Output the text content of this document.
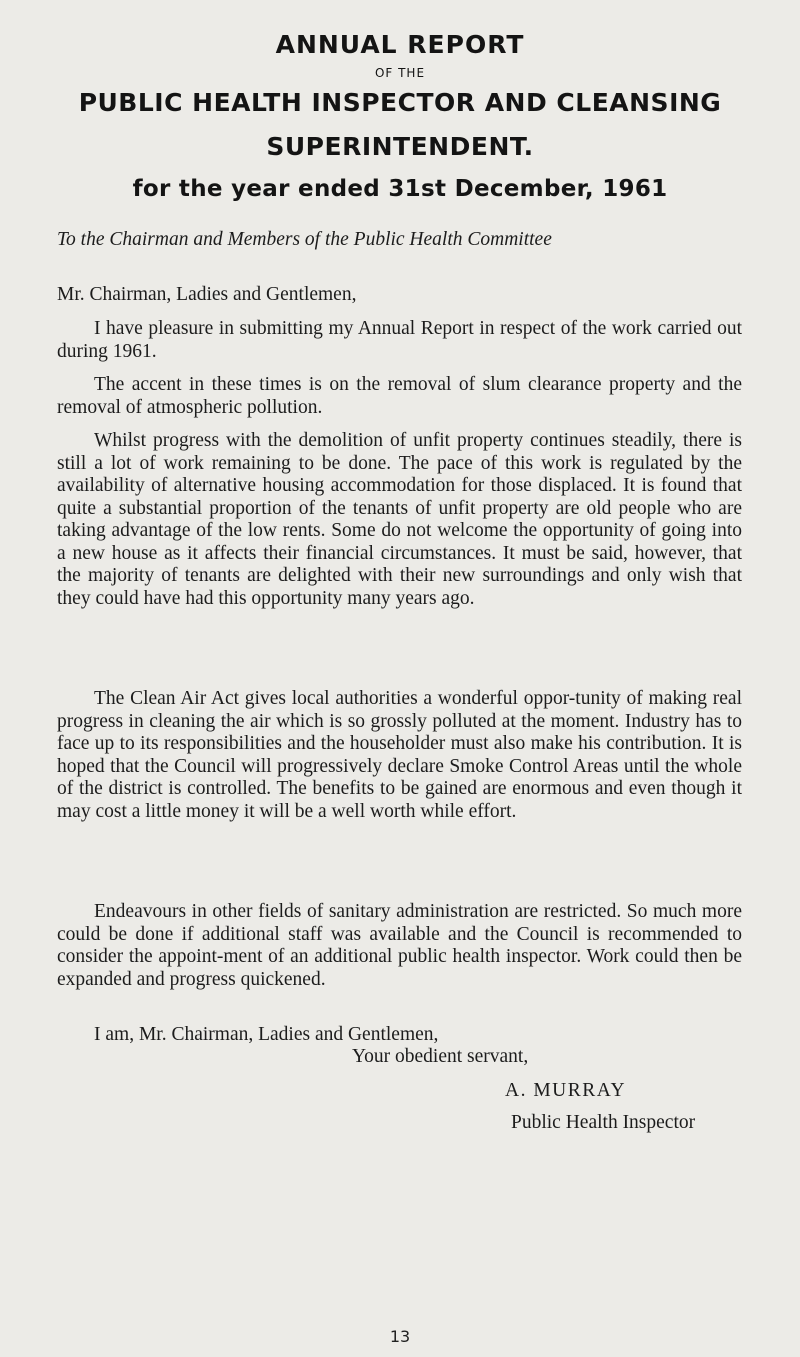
ANNUAL REPORT
OF THE
PUBLIC HEALTH INSPECTOR AND CLEANSING
SUPERINTENDENT.
for the year ended 31st December, 1961

To the Chairman and Members of the Public Health Committee

Mr. Chairman, Ladies and Gentlemen,

I have pleasure in submitting my Annual Report in respect of the work carried out during 1961.

The accent in these times is on the removal of slum clearance property and the removal of atmospheric pollution.

Whilst progress with the demolition of unfit property continues steadily, there is still a lot of work remaining to be done. The pace of this work is regulated by the availability of alternative housing accommodation for those displaced. It is found that quite a substantial proportion of the tenants of unfit property are old people who are taking advantage of the low rents. Some do not welcome the opportunity of going into a new house as it affects their financial circumstances. It must be said, however, that the majority of tenants are delighted with their new surroundings and only wish that they could have had this opportunity many years ago.

The Clean Air Act gives local authorities a wonderful oppor-tunity of making real progress in cleaning the air which is so grossly polluted at the moment. Industry has to face up to its responsibilities and the householder must also make his contribution. It is hoped that the Council will progressively declare Smoke Control Areas until the whole of the district is controlled. The benefits to be gained are enormous and even though it may cost a little money it will be a well worth while effort.

Endeavours in other fields of sanitary administration are restricted. So much more could be done if additional staff was available and the Council is recommended to consider the appoint-ment of an additional public health inspector. Work could then be expanded and progress quickened.

I am, Mr. Chairman, Ladies and Gentlemen,

Your obedient servant,

A. MURRAY

Public Health Inspector

13
